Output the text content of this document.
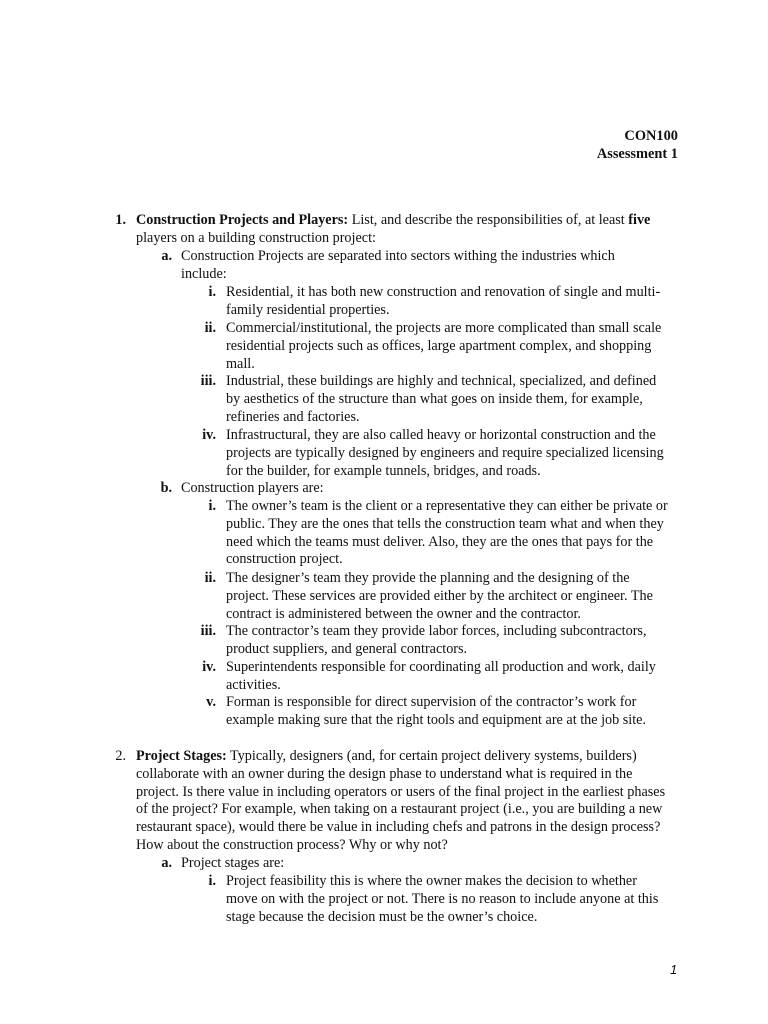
CON100
Assessment 1
1. Construction Projects and Players: List, and describe the responsibilities of, at least five players on a building construction project:
a. Construction Projects are separated into sectors withing the industries which include:
i. Residential, it has both new construction and renovation of single and multi-family residential properties.
ii. Commercial/institutional, the projects are more complicated than small scale residential projects such as offices, large apartment complex, and shopping mall.
iii. Industrial, these buildings are highly and technical, specialized, and defined by aesthetics of the structure than what goes on inside them, for example, refineries and factories.
iv. Infrastructural, they are also called heavy or horizontal construction and the projects are typically designed by engineers and require specialized licensing for the builder, for example tunnels, bridges, and roads.
b. Construction players are:
i. The owner’s team is the client or a representative they can either be private or public. They are the ones that tells the construction team what and when they need which the teams must deliver. Also, they are the ones that pays for the construction project.
ii. The designer’s team they provide the planning and the designing of the project. These services are provided either by the architect or engineer. The contract is administered between the owner and the contractor.
iii. The contractor’s team they provide labor forces, including subcontractors, product suppliers, and general contractors.
iv. Superintendents responsible for coordinating all production and work, daily activities.
v. Forman is responsible for direct supervision of the contractor’s work for example making sure that the right tools and equipment are at the job site.
2. Project Stages: Typically, designers (and, for certain project delivery systems, builders) collaborate with an owner during the design phase to understand what is required in the project. Is there value in including operators or users of the final project in the earliest phases of the project? For example, when taking on a restaurant project (i.e., you are building a new restaurant space), would there be value in including chefs and patrons in the design process? How about the construction process? Why or why not?
a. Project stages are:
i. Project feasibility this is where the owner makes the decision to whether move on with the project or not. There is no reason to include anyone at this stage because the decision must be the owner’s choice.
1
